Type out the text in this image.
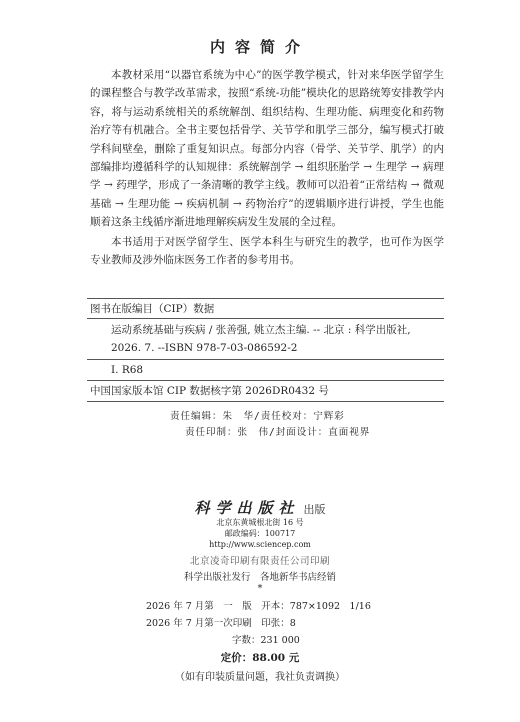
内容简介

本教材采用“以器官系统为中心”的医学教学模式，针对来华医学留学生的课程整合与教学改革需求，按照“系统-功能”模块化的思路统筹安排教学内容，将与运动系统相关的系统解剖、组织结构、生理功能、病理变化和药物治疗等有机融合。全书主要包括骨学、关节学和肌学三部分，编写模式打破学科间壁垒，删除了重复知识点。每部分内容（骨学、关节学、肌学）的内部编排均遵循科学的认知规律：系统解剖学 → 组织胚胎学 → 生理学 → 病理学 → 药理学，形成了一条清晰的教学主线。教师可以沿着“正常结构 → 微观基础 → 生理功能 → 疾病机制 → 药物治疗”的逻辑顺序进行讲授，学生也能顺着这条主线循序渐进地理解疾病发生发展的全过程。

本书适用于对医学留学生、医学本科生与研究生的教学，也可作为医学专业教师及涉外临床医务工作者的参考用书。

图书在版编目（CIP）数据
运动系统基础与疾病 / 张善强, 姚立杰主编. -- 北京 : 科学出版社,
2026. 7. --ISBN 978-7-03-086592-2
Ⅰ. R68
中国国家版本馆 CIP 数据核字第 2026DR0432 号
责任编辑：朱　华/责任校对：宁辉彩
责任印制：张　伟/封面设计：直面视界
科学出版社 出版
北京东黄城根北街 16 号
邮政编码：100717
http://www.sciencep.com
北京凌奇印刷有限责任公司印刷
科学出版社发行　各地新华书店经销
*
2026 年 7 月第　一　版　开本：787×1092　1/16
2026 年 7 月第一次印刷　印张：8
字数：231 000
定价：88.00 元
（如有印装质量问题，我社负责调换）
